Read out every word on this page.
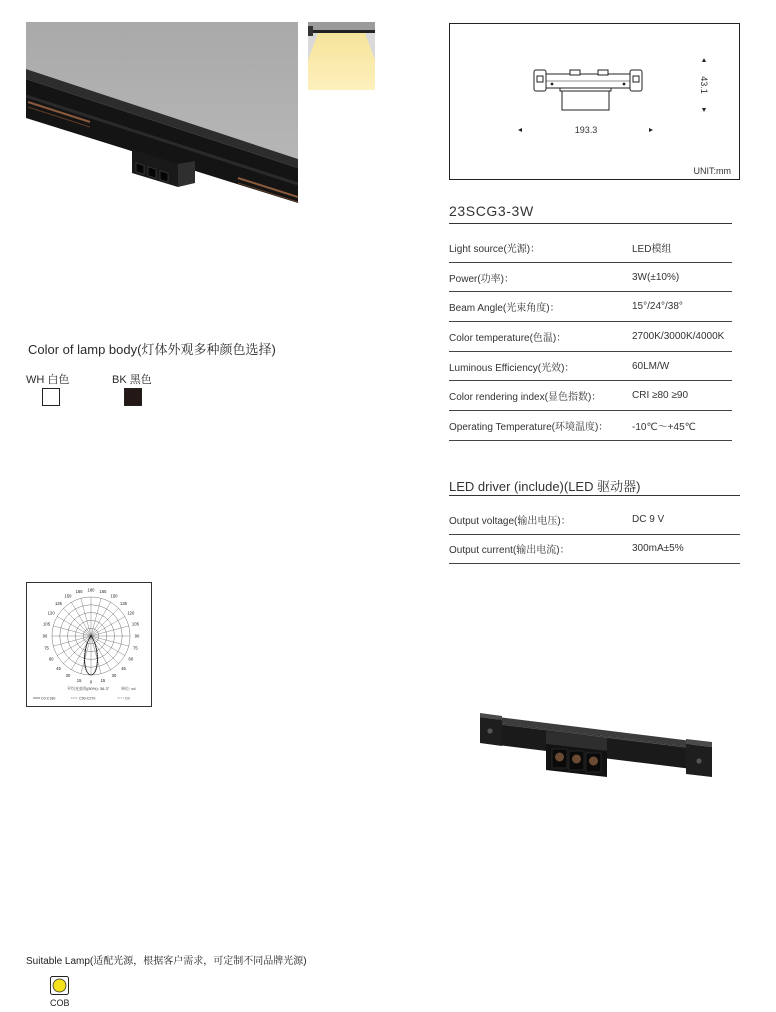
Color of lamp body(灯体外观多种颜色选择)
WH 白色	BK 黑色
180
165	165
150	150
135	135
120	120
105	105
90	90
75	75
60	60
45	45
30	30
15	15
0
平均光束角(50%): 36.3°	单位: cd
C0-C180	C90-C270	C0
Suitable Lamp(适配光源，根据客户需求，可定制不同品牌光源)
COB
43.1
193.3
UNIT:mm
23SCG3-3W
Light source(光源)：	LED模组
Power(功率)：	3W(±10%)
Beam Angle(光束角度)：	15°/24°/38°
Color temperature(色温)：	2700K/3000K/4000K
Luminous Efficiency(光效)：	60LM/W
Color rendering index(显色指数)：	CRI ≥80 ≥90
Operating Temperature(环境温度)：	-10℃～+45℃
LED driver (include)(LED 驱动器)
Output voltage(输出电压)：	DC 9 V
Output current(输出电流)：	300mA±5%
